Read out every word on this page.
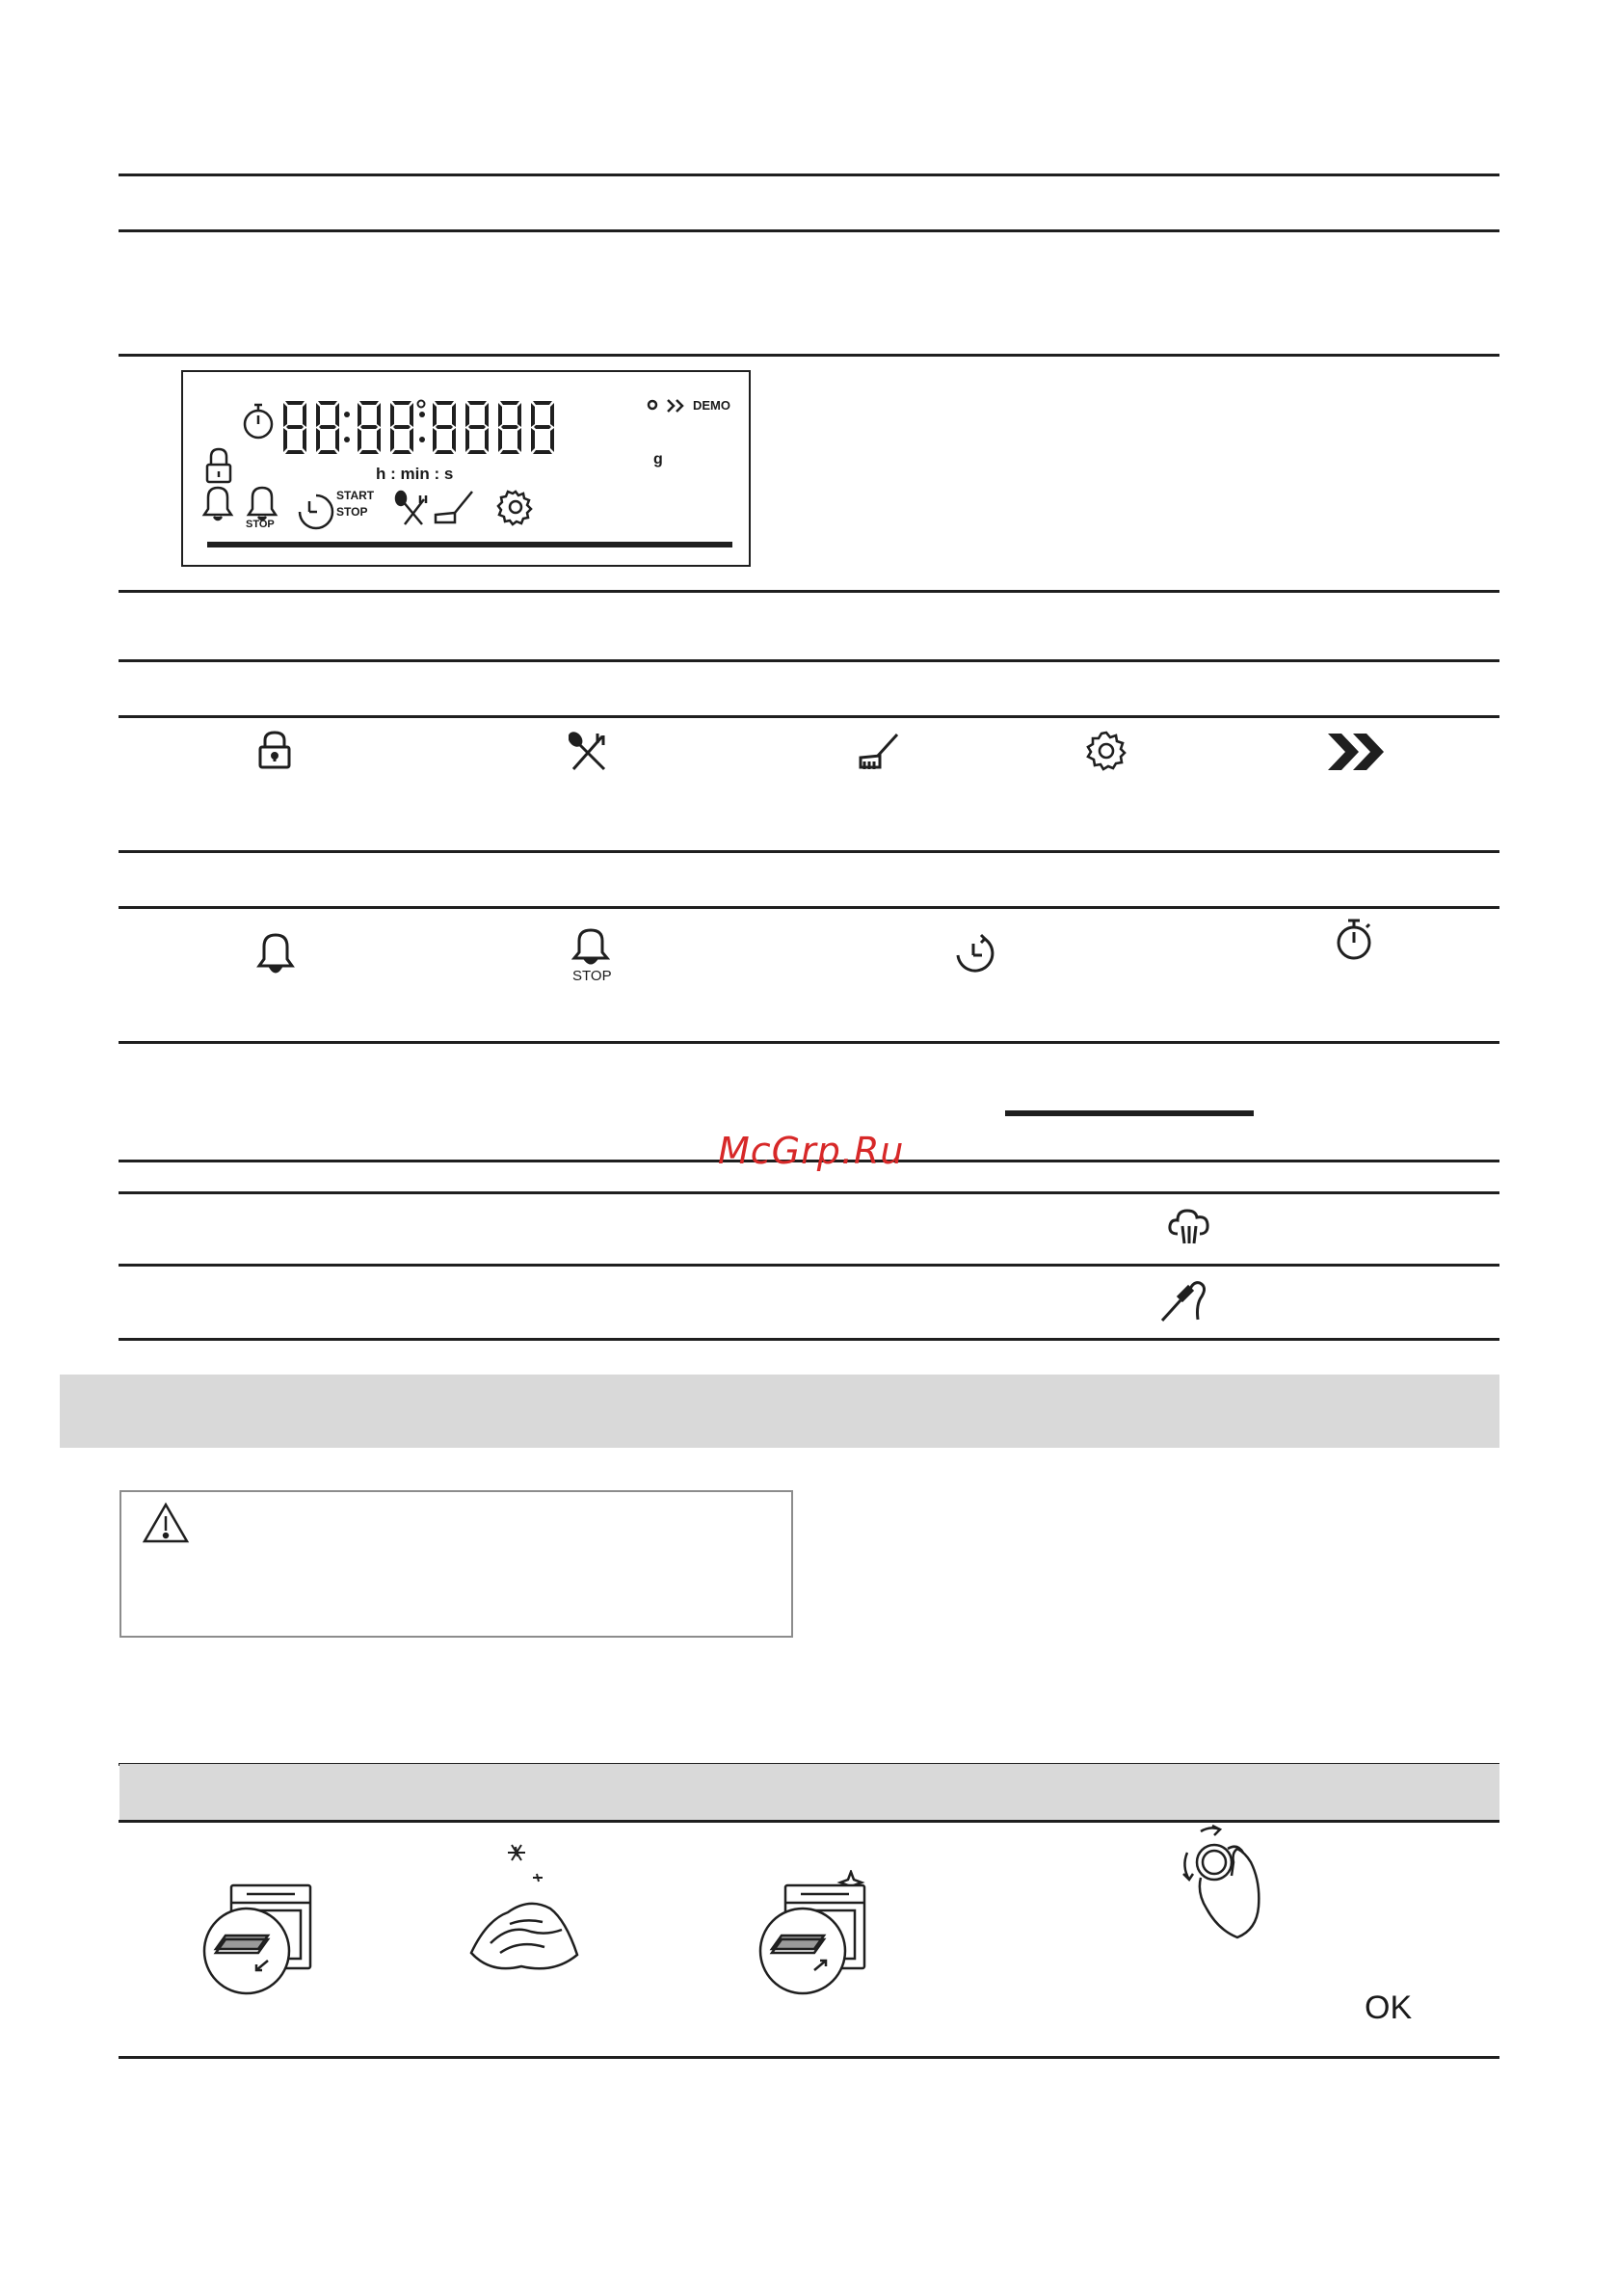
DEMO
g
h : min : s
STOP
START
STOP
STOP
McGrp.Ru
OK
